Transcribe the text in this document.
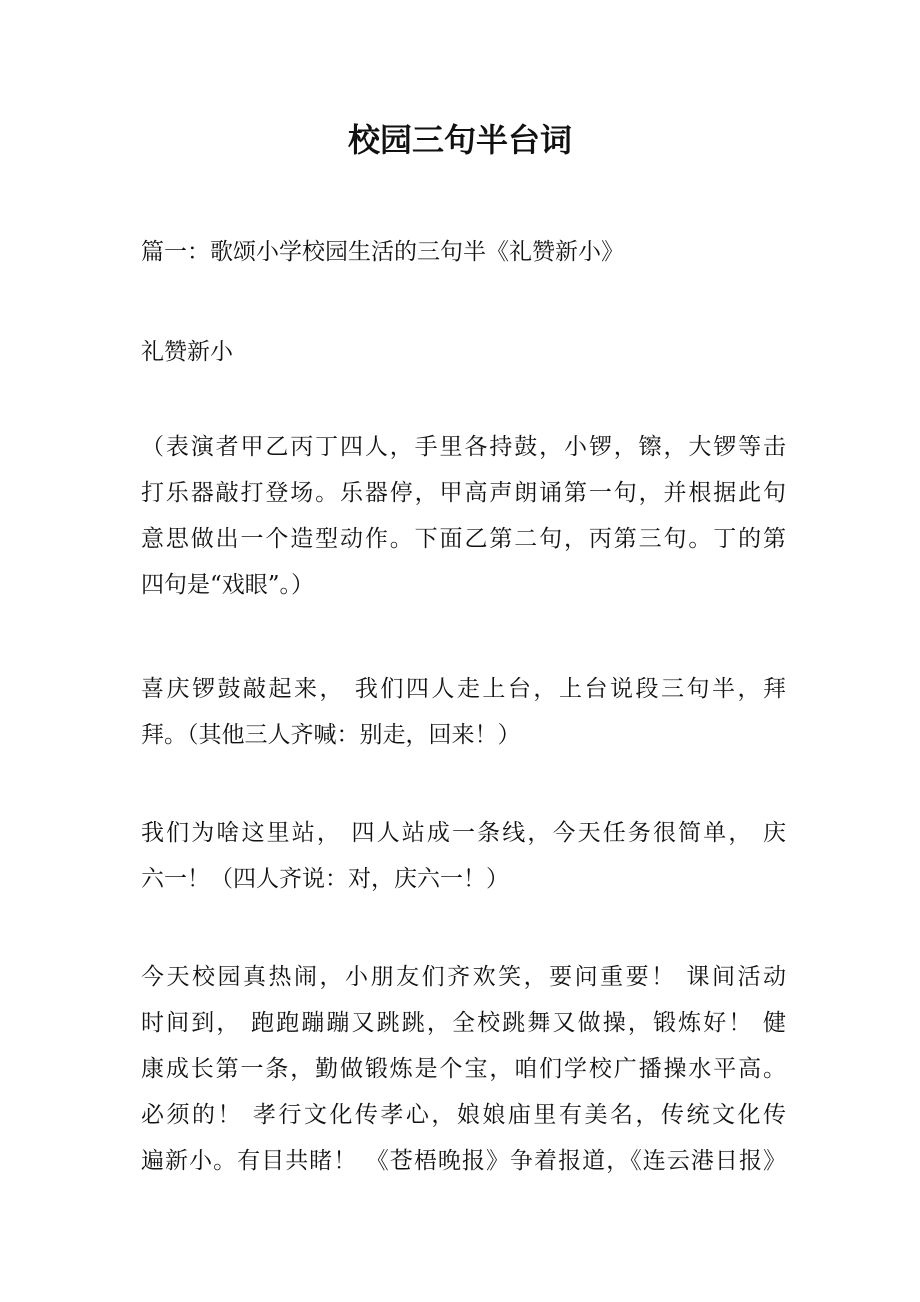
校园三句半台词

篇一：歌颂小学校园生活的三句半《礼赞新小》

礼赞新小

（表演者甲乙丙丁四人，手里各持鼓，小锣，镲，大锣等击
打乐器敲打登场。乐器停，甲高声朗诵第一句，并根据此句
意思做出一个造型动作。下面乙第二句，丙第三句。丁的第
四句是“戏眼”。）

喜庆锣鼓敲起来， 我们四人走上台，上台说段三句半，拜
拜。（其他三人齐喊：别走，回来！）

我们为啥这里站， 四人站成一条线，今天任务很简单， 庆
六一！（四人齐说：对，庆六一！）

今天校园真热闹，小朋友们齐欢笑，要问重要！ 课间活动
时间到， 跑跑蹦蹦又跳跳，全校跳舞又做操，锻炼好！ 健
康成长第一条，勤做锻炼是个宝，咱们学校广播操水平高。
必须的！ 孝行文化传孝心，娘娘庙里有美名，传统文化传
遍新小。有目共睹！ 《苍梧晚报》争着报道，《连云港日报》
